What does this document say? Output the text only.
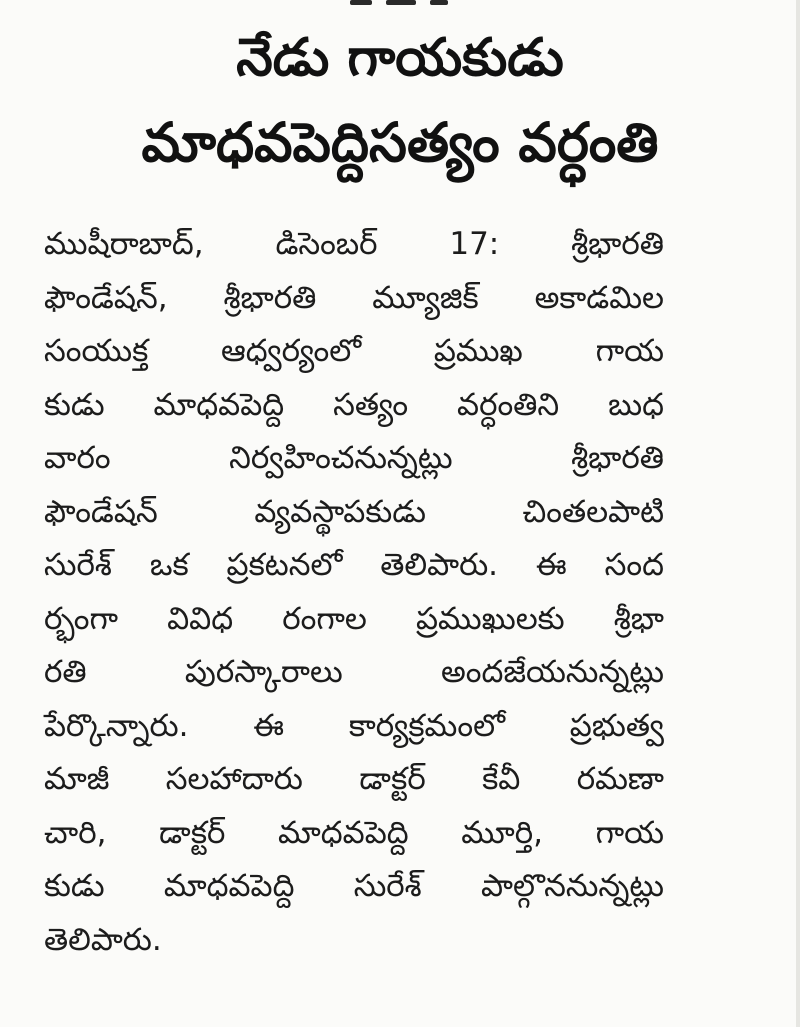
నేడు గాయకుడు
మాధవపెద్దిసత్యం వర్ధంతి
ముషీరాబాద్, డిసెంబర్ 17: శ్రీభారతి
ఫౌండేషన్, శ్రీభారతి మ్యూజిక్ అకాడమిల
సంయుక్త ఆధ్వర్యంలో ప్రముఖ గాయ
కుడు మాధవపెద్ది సత్యం వర్ధంతిని బుధ
వారం నిర్వహించనున్నట్లు శ్రీభారతి
ఫౌండేషన్ వ్యవస్థాపకుడు చింతలపాటి
సురేశ్ ఒక ప్రకటనలో తెలిపారు. ఈ సంద
ర్భంగా వివిధ రంగాల ప్రముఖులకు శ్రీభా
రతి పురస్కారాలు అందజేయనున్నట్లు
పేర్కొన్నారు. ఈ కార్యక్రమంలో ప్రభుత్వ
మాజీ సలహాదారు డాక్టర్ కేవీ రమణా
చారి, డాక్టర్ మాధవపెద్ది మూర్తి, గాయ
కుడు మాధవపెద్ది సురేశ్ పాల్గొననున్నట్లు
తెలిపారు.
